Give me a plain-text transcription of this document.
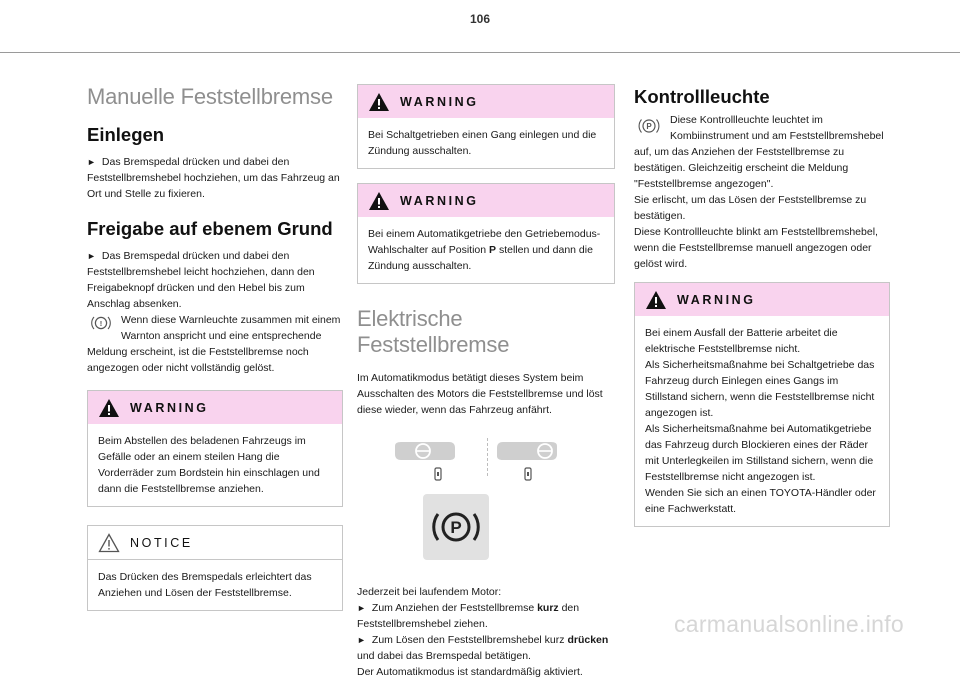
106
Manuelle Feststellbremse
Einlegen

► Das Bremspedal drücken und dabei den Feststellbremshebel hochziehen, um das Fahrzeug an Ort und Stelle zu fixieren.

Freigabe auf ebenem Grund

► Das Bremspedal drücken und dabei den Feststellbremshebel leicht hochziehen, dann den Freigabeknopf drücken und den Hebel bis zum Anschlag absenken.

! Wenn diese Warnleuchte zusammen mit einem Warnton anspricht und eine entsprechende Meldung erscheint, ist die Feststellbremse noch angezogen oder nicht vollständig gelöst.

WARNING

Beim Abstellen des beladenen Fahrzeugs im Gefälle oder an einem steilen Hang die Vorderräder zum Bordstein hin einschlagen und dann die Feststellbremse anziehen.

NOTICE

Das Drücken des Bremspedals erleichtert das Anziehen und Lösen der Feststellbremse.

WARNING

Bei Schaltgetrieben einen Gang einlegen und die Zündung ausschalten.

WARNING

Bei einem Automatikgetriebe den Getriebemodus-Wahlschalter auf Position P stellen und dann die Zündung ausschalten.

Elektrische Feststellbremse

Im Automatikmodus betätigt dieses System beim Ausschalten des Motors die Feststellbremse und löst diese wieder, wenn das Fahrzeug anfährt.

P

Jederzeit bei laufendem Motor:

► Zum Anziehen der Feststellbremse kurz den Feststellbremshebel ziehen.

► Zum Lösen den Feststellbremshebel kurz drücken und dabei das Bremspedal betätigen.

Der Automatikmodus ist standardmäßig aktiviert.

Kontrollleuchte

P
Diese Kontrollleuchte leuchtet im Kombiinstrument und am Feststellbremshebel auf, um das Anziehen der Feststellbremse zu bestätigen. Gleichzeitig erscheint die Meldung "Feststellbremse angezogen".

Sie erlischt, um das Lösen der Feststellbremse zu bestätigen.

Diese Kontrollleuchte blinkt am Feststellbremshebel, wenn die Feststellbremse manuell angezogen oder gelöst wird.

WARNING

Bei einem Ausfall der Batterie arbeitet die elektrische Feststellbremse nicht.

Als Sicherheitsmaßnahme bei Schaltgetriebe das Fahrzeug durch Einlegen eines Gangs im Stillstand sichern, wenn die Feststellbremse nicht angezogen ist.

Als Sicherheitsmaßnahme bei Automatikgetriebe das Fahrzeug durch Blockieren eines der Räder mit Unterlegkeilen im Stillstand sichern, wenn die Feststellbremse nicht angezogen ist.

Wenden Sie sich an einen TOYOTA-Händler oder eine Fachwerkstatt.

carmanualsonline.info
